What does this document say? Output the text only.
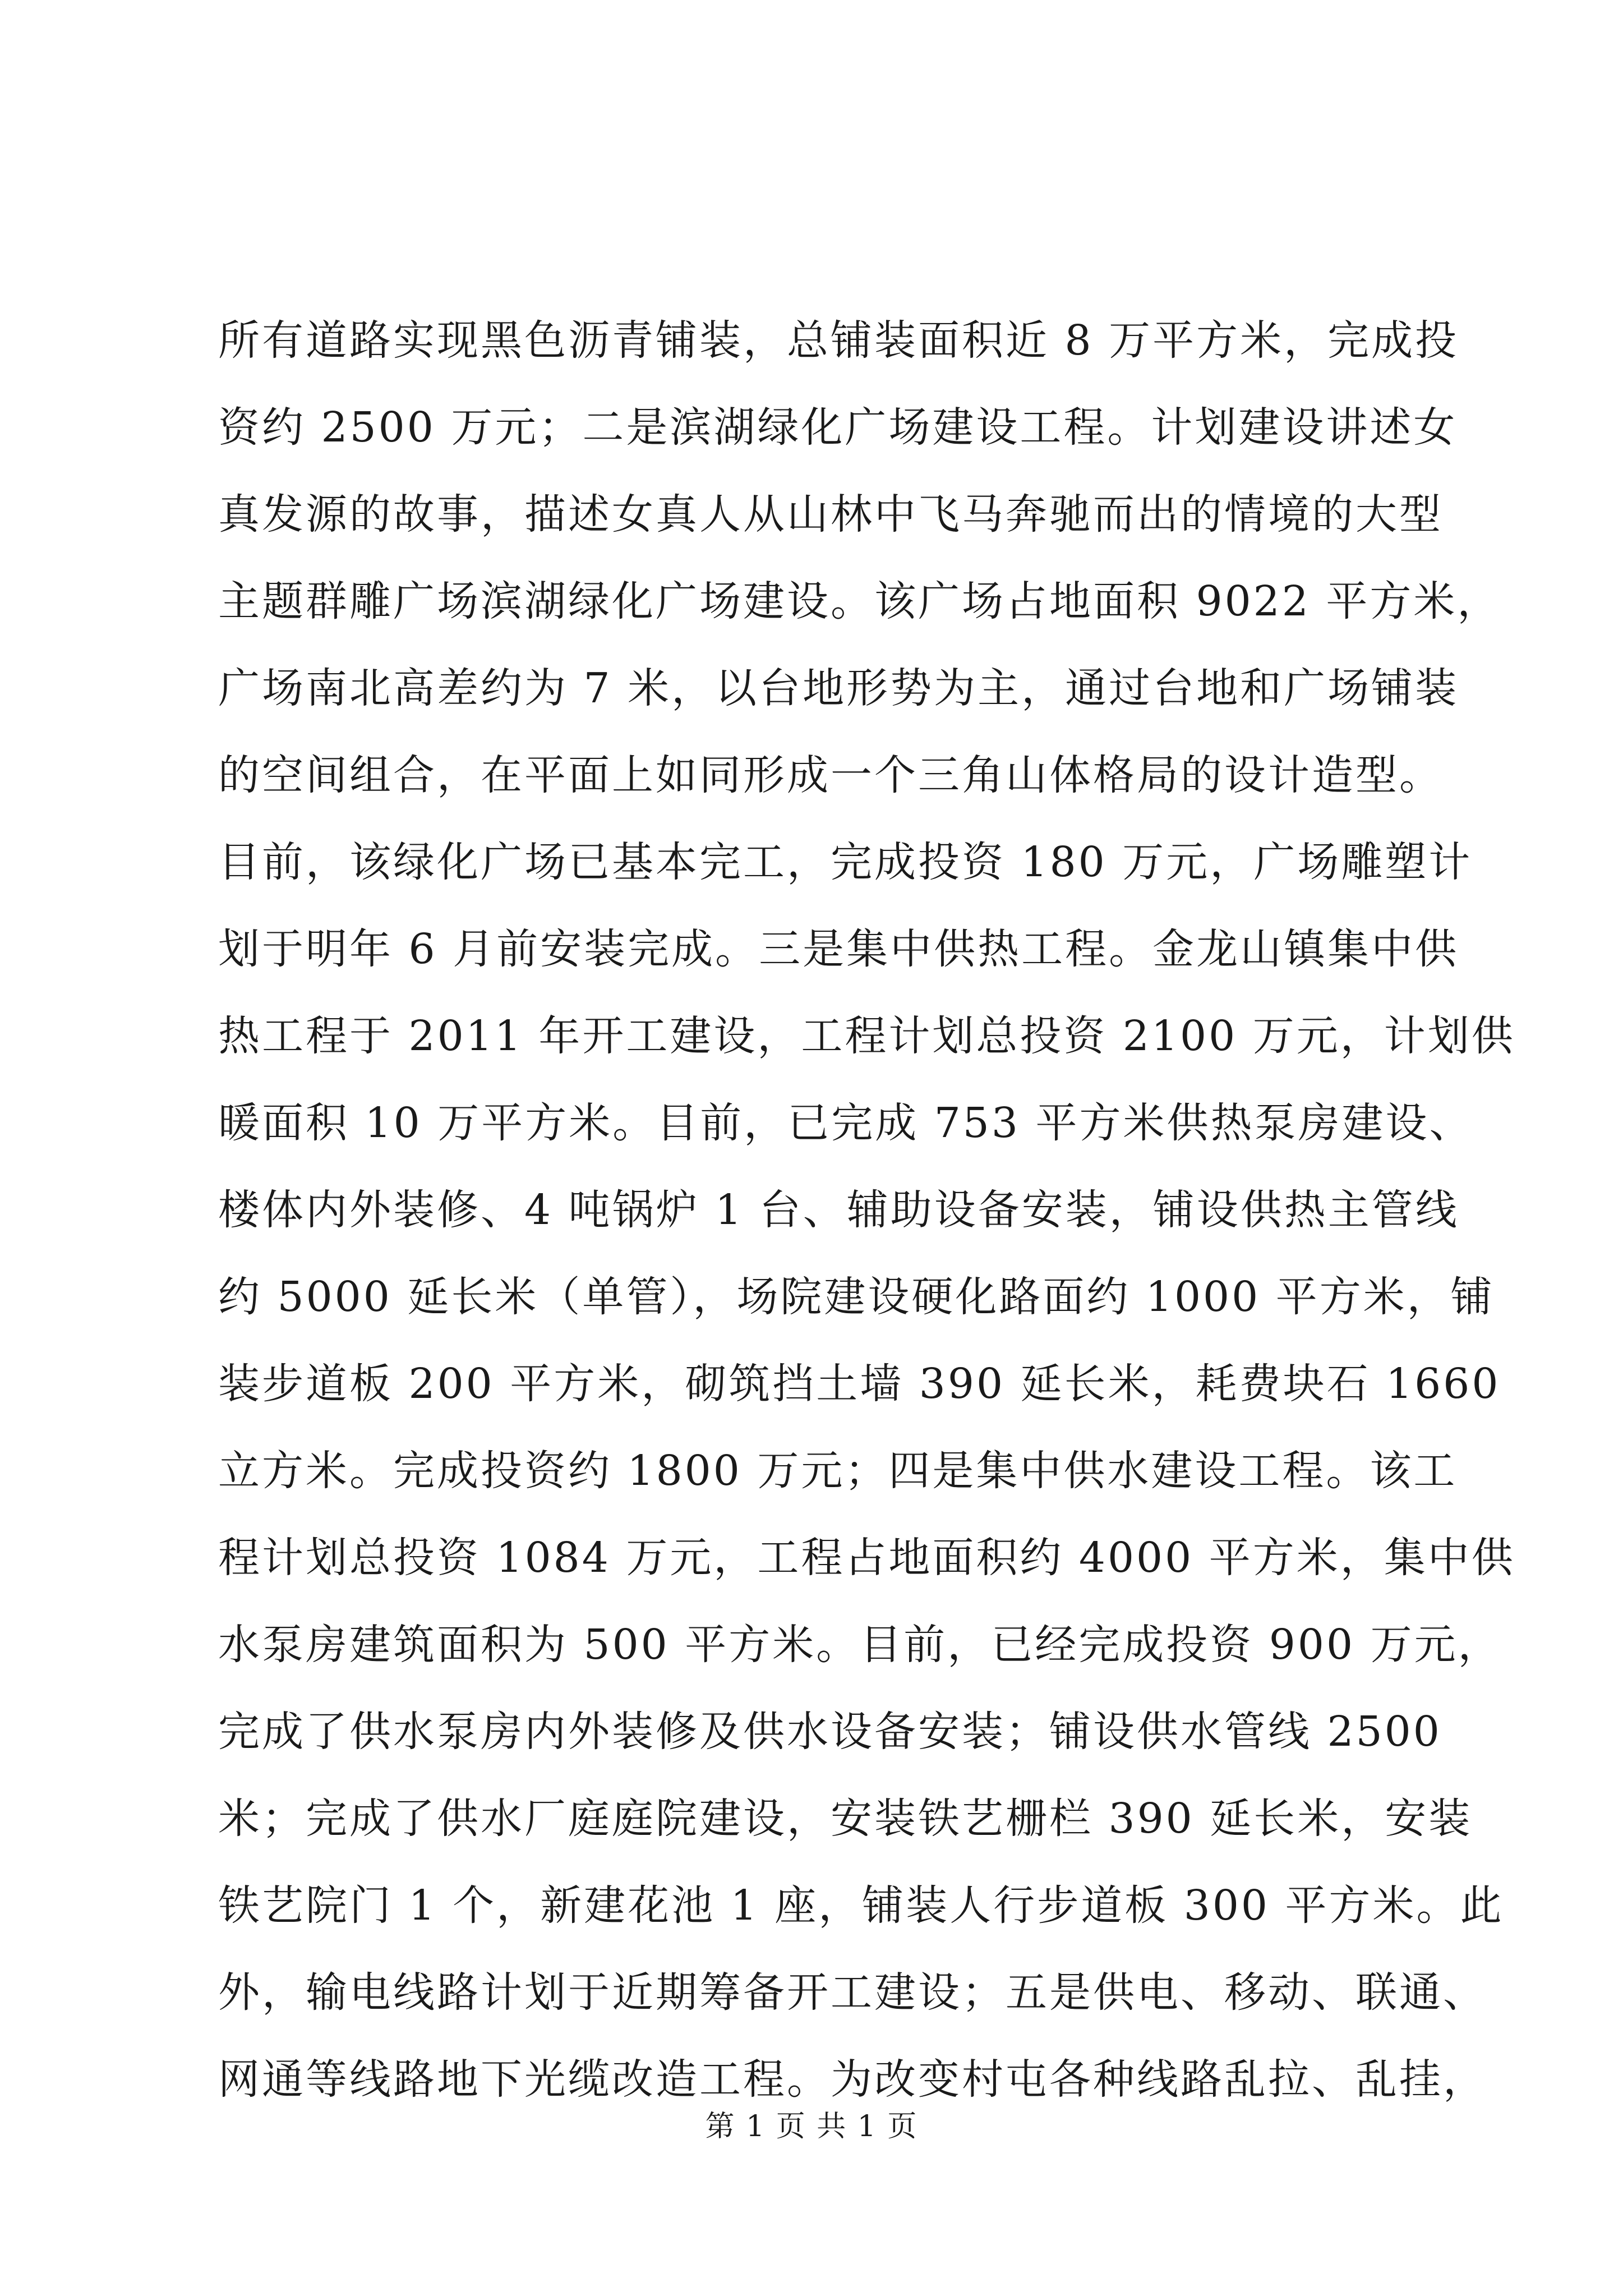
所有道路实现黑色沥青铺装，总铺装面积近 8 万平方米，完成投
资约 2500 万元；二是滨湖绿化广场建设工程。计划建设讲述女
真发源的故事，描述女真人从山林中飞马奔驰而出的情境的大型
主题群雕广场滨湖绿化广场建设。该广场占地面积 9022 平方米，
广场南北高差约为 7 米，以台地形势为主，通过台地和广场铺装
的空间组合，在平面上如同形成一个三角山体格局的设计造型。
目前，该绿化广场已基本完工，完成投资 180 万元，广场雕塑计
划于明年 6 月前安装完成。三是集中供热工程。金龙山镇集中供
热工程于 2011 年开工建设，工程计划总投资 2100 万元，计划供
暖面积 10 万平方米。目前，已完成 753 平方米供热泵房建设、
楼体内外装修、4 吨锅炉 1 台、辅助设备安装，铺设供热主管线
约 5000 延长米（单管），场院建设硬化路面约 1000 平方米，铺
装步道板 200 平方米，砌筑挡土墙 390 延长米，耗费块石 1660
立方米。完成投资约 1800 万元；四是集中供水建设工程。该工
程计划总投资 1084 万元，工程占地面积约 4000 平方米，集中供
水泵房建筑面积为 500 平方米。目前，已经完成投资 900 万元，
完成了供水泵房内外装修及供水设备安装；铺设供水管线 2500
米；完成了供水厂庭庭院建设，安装铁艺栅栏 390 延长米，安装
铁艺院门 1 个，新建花池 1 座，铺装人行步道板 300 平方米。此
外，输电线路计划于近期筹备开工建设；五是供电、移动、联通、
网通等线路地下光缆改造工程。为改变村屯各种线路乱拉、乱挂，
第 1 页 共 1 页
